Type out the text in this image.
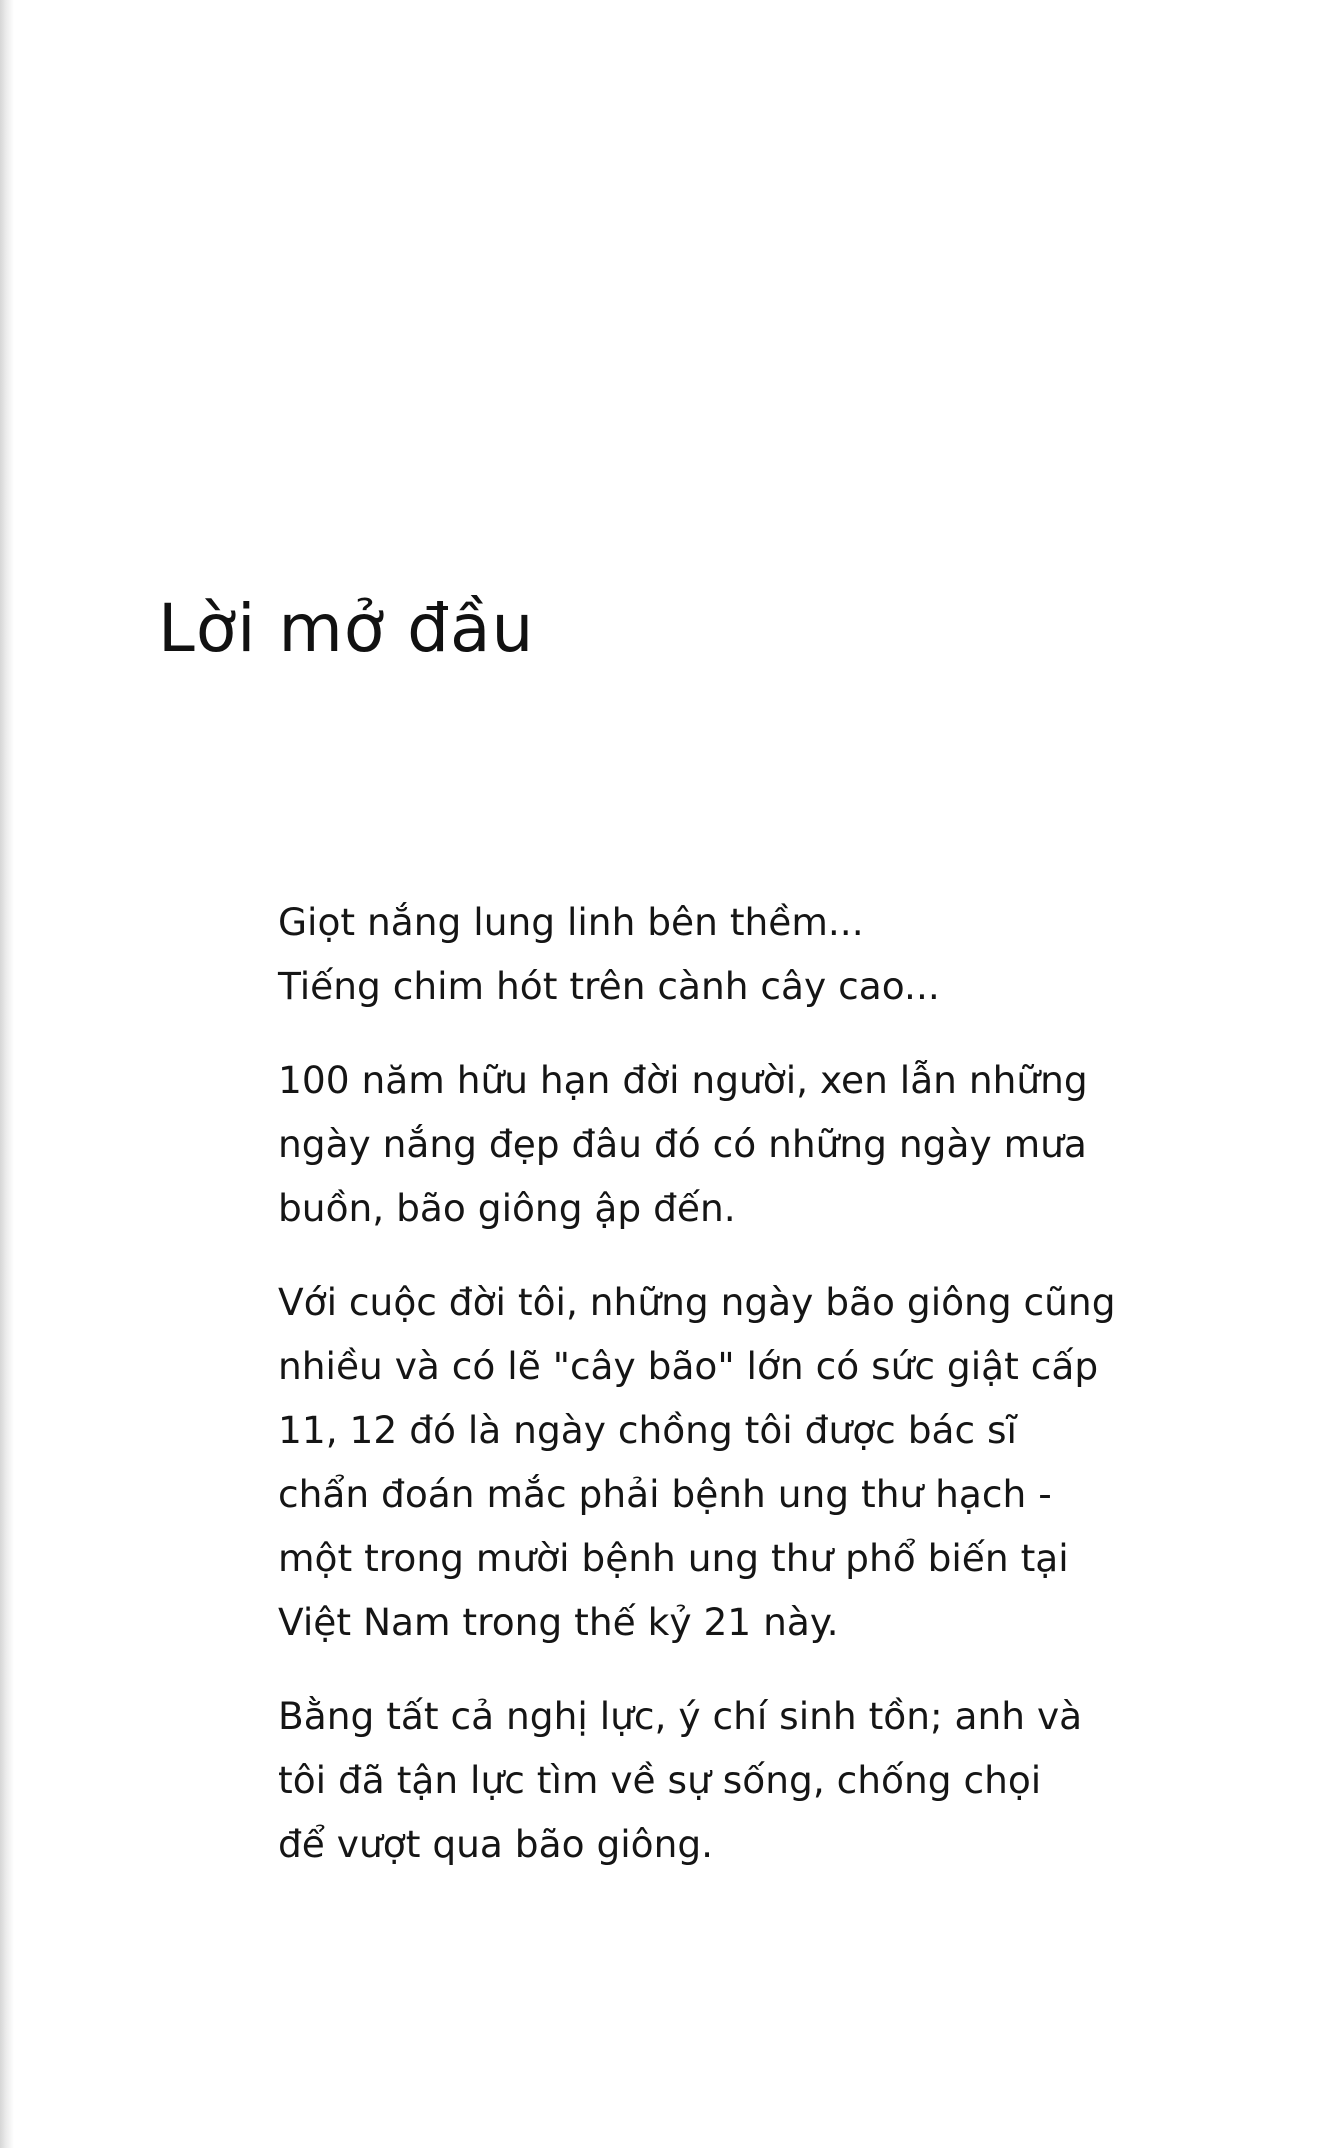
Lời mở đầu

Giọt nắng lung linh bên thềm...
Tiếng chim hót trên cành cây cao...

100 năm hữu hạn đời người, xen lẫn những
ngày nắng đẹp đâu đó có những ngày mưa
buồn, bão giông ập đến.

Với cuộc đời tôi, những ngày bão giông cũng
nhiều và có lẽ "cây bão" lớn có sức giật cấp
11, 12 đó là ngày chồng tôi được bác sĩ
chẩn đoán mắc phải bệnh ung thư hạch -
một trong mười bệnh ung thư phổ biến tại
Việt Nam trong thế kỷ 21 này.

Bằng tất cả nghị lực, ý chí sinh tồn; anh và
tôi đã tận lực tìm về sự sống, chống chọi
để vượt qua bão giông.
